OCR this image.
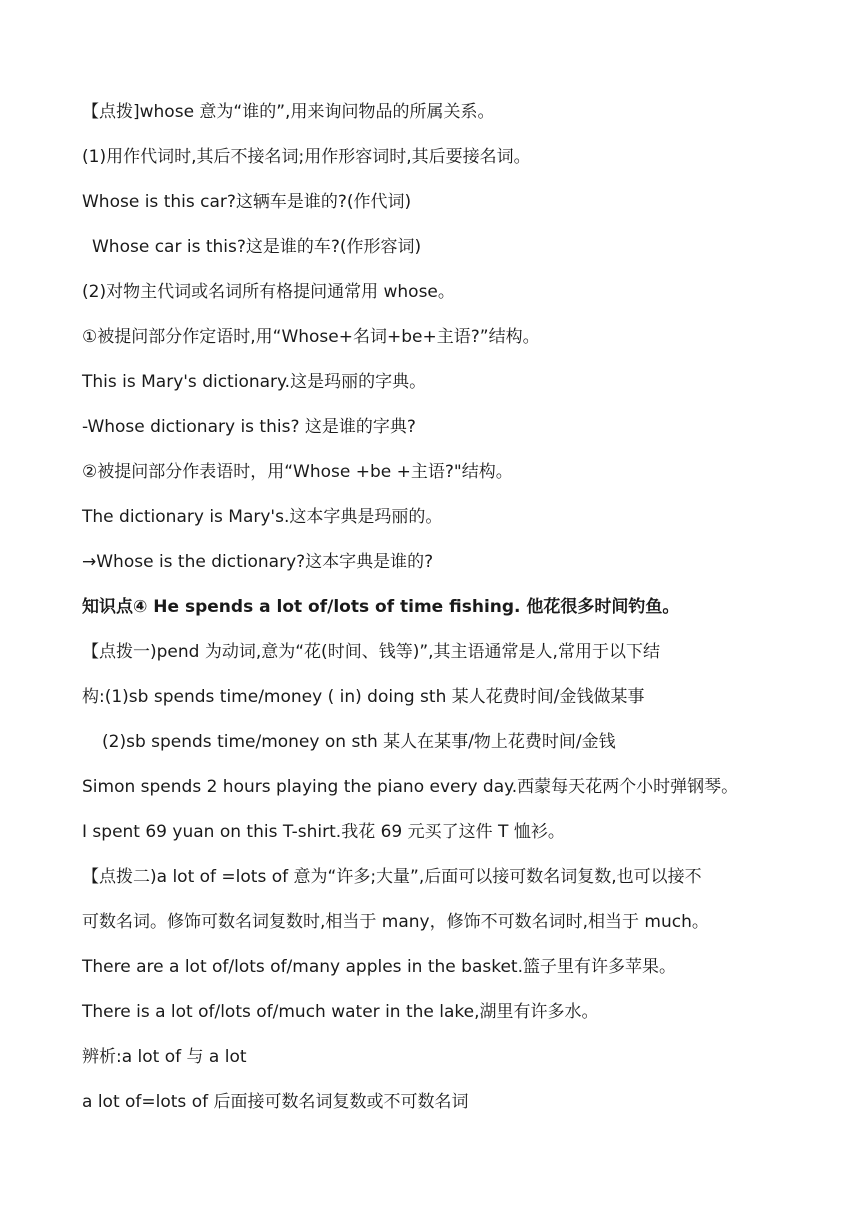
【点拨]whose 意为“谁的”,用来询问物品的所属关系。
(1)用作代词时,其后不接名词;用作形容词时,其后要接名词。
Whose is this car?这辆车是谁的?(作代词)
Whose car is this?这是谁的车?(作形容词)
(2)对物主代词或名词所有格提问通常用 whose。
①被提问部分作定语时,用“Whose+名词+be+主语?”结构。
This is Mary's dictionary.这是玛丽的字典。
-Whose dictionary is this? 这是谁的字典?
②被提问部分作表语时，用“Whose +be +主语?"结构。
The dictionary is Mary's.这本字典是玛丽的。
→Whose is the dictionary?这本字典是谁的?
知识点④ He spends a lot of/lots of time fishing. 他花很多时间钓鱼。
【点拨一)pend 为动词,意为“花(时间、钱等)”,其主语通常是人,常用于以下结
构:(1)sb spends time/money ( in) doing sth 某人花费时间/金钱做某事
(2)sb spends time/money on sth 某人在某事/物上花费时间/金钱
Simon spends 2 hours playing the piano every day.西蒙每天花两个小时弹钢琴。
I spent 69 yuan on this T-shirt.我花 69 元买了这件 T 恤衫。
【点拨二)a lot of =lots of 意为“许多;大量”,后面可以接可数名词复数,也可以接不
可数名词。修饰可数名词复数时,相当于 many，修饰不可数名词时,相当于 much。
There are a lot of/lots of/many apples in the basket.篮子里有许多苹果。
There is a lot of/lots of/much water in the lake,湖里有许多水。
辨析:a lot of 与 a lot
a lot of=lots of 后面接可数名词复数或不可数名词
